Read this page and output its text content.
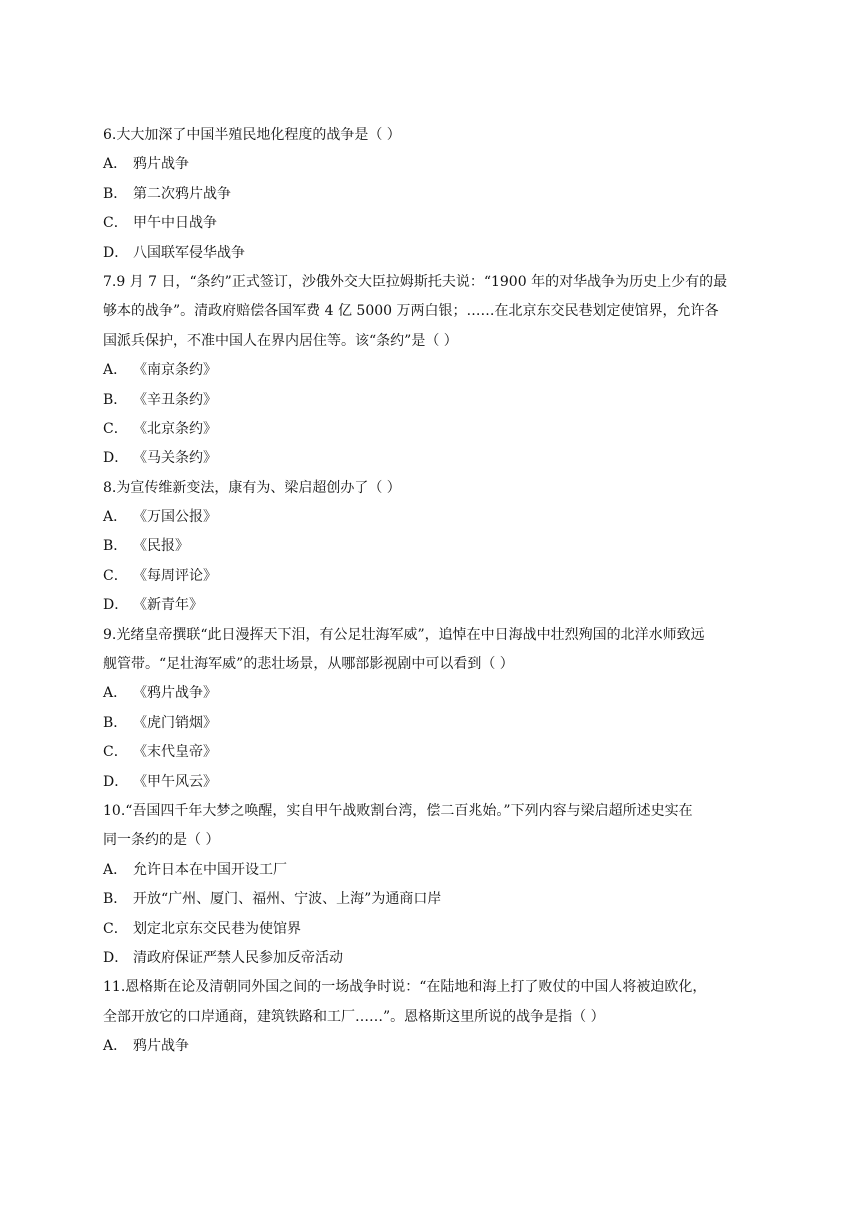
6.大大加深了中国半殖民地化程度的战争是（ ）
A． 鸦片战争
B． 第二次鸦片战争
C． 甲午中日战争
D． 八国联军侵华战争
7.9 月 7 日，“条约”正式签订，沙俄外交大臣拉姆斯托夫说：“1900 年的对华战争为历史上少有的最
够本的战争”。清政府赔偿各国军费 4 亿 5000 万两白银；……在北京东交民巷划定使馆界，允许各
国派兵保护，不准中国人在界内居住等。该“条约”是（ ）
A． 《南京条约》
B． 《辛丑条约》
C． 《北京条约》
D． 《马关条约》
8.为宣传维新变法，康有为、梁启超创办了（ ）
A． 《万国公报》
B． 《民报》
C． 《每周评论》
D． 《新青年》
9.光绪皇帝撰联“此日漫挥天下泪，有公足壮海军威”，追悼在中日海战中壮烈殉国的北洋水师致远
舰管带。“足壮海军威”的悲壮场景，从哪部影视剧中可以看到（ ）
A． 《鸦片战争》
B． 《虎门销烟》
C． 《末代皇帝》
D． 《甲午风云》
10.“吾国四千年大梦之唤醒，实自甲午战败割台湾，偿二百兆始。”下列内容与梁启超所述史实在
同一条约的是（ ）
A． 允许日本在中国开设工厂
B． 开放“广州、厦门、福州、宁波、上海”为通商口岸
C． 划定北京东交民巷为使馆界
D． 清政府保证严禁人民参加反帝活动
11.恩格斯在论及清朝同外国之间的一场战争时说：“在陆地和海上打了败仗的中国人将被迫欧化，
全部开放它的口岸通商，建筑铁路和工厂……”。恩格斯这里所说的战争是指（ ）
A． 鸦片战争
